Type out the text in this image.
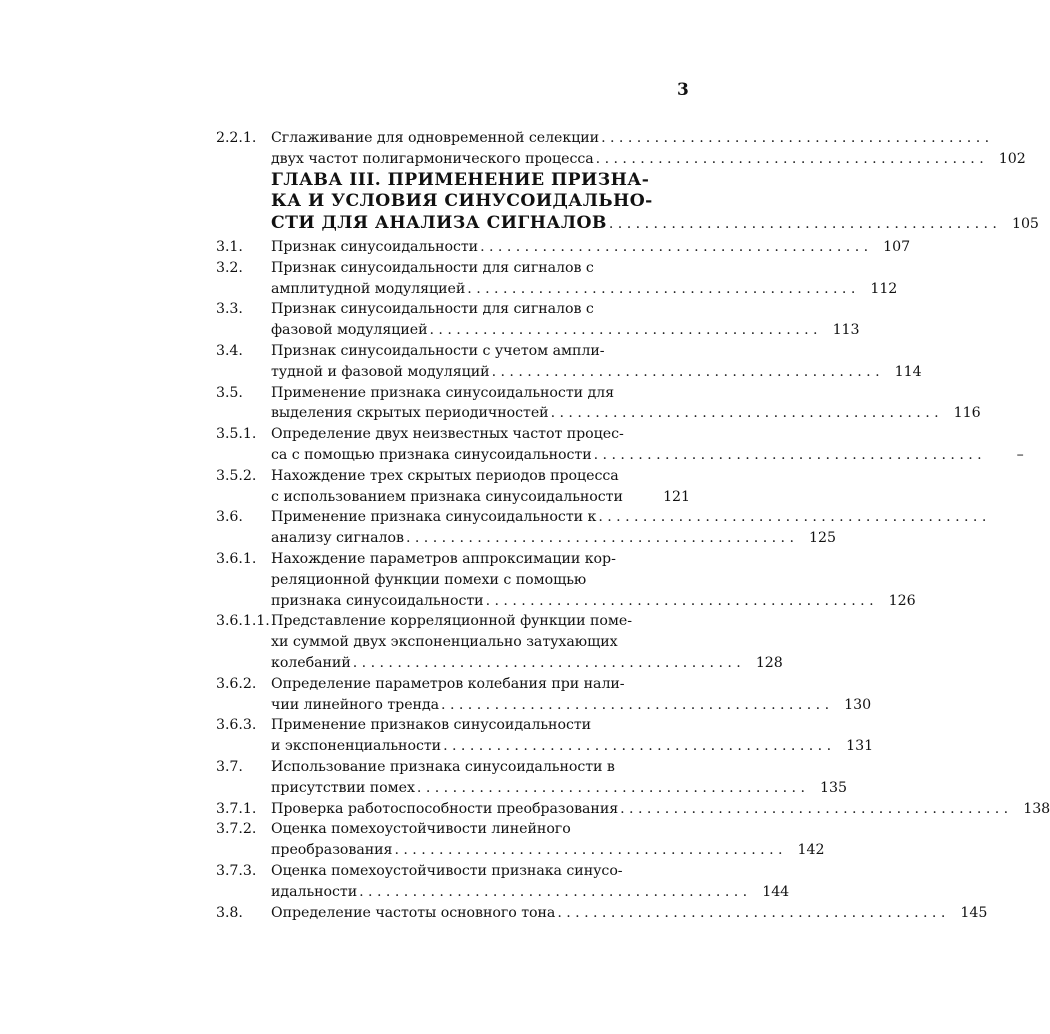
3
2.2.1.	Сглаживание для одновременной селекции . . . . . . . . . . . . . . . . . . . . . . . . . . . . . . . . . . . . . . . . . . . .
двух частот полигармонического процесса . . . . . . . . . . . . . . . . . . . . . . . . . . . . . . . . . . . . . . . . . . . .	102
ГЛАВА III. ПРИМЕНЕНИЕ ПРИЗНА-
КА И УСЛОВИЯ СИНУСОИДАЛЬНО-
СТИ ДЛЯ АНАЛИЗА СИГНАЛОВ . . . . . . . . . . . . . . . . . . . . . . . . . . . . . . . . . . . . . . . . . . . .	105
3.1.	Признак синусоидальности . . . . . . . . . . . . . . . . . . . . . . . . . . . . . . . . . . . . . . . . . . . .	107
3.2.	Признак синусоидальности для сигналов с
амплитудной модуляцией . . . . . . . . . . . . . . . . . . . . . . . . . . . . . . . . . . . . . . . . . . . .	112
3.3.	Признак синусоидальности для сигналов с
фазовой модуляцией . . . . . . . . . . . . . . . . . . . . . . . . . . . . . . . . . . . . . . . . . . . .	113
3.4.	Признак синусоидальности с учетом ампли-
тудной и фазовой модуляций . . . . . . . . . . . . . . . . . . . . . . . . . . . . . . . . . . . . . . . . . . . .	114
3.5.	Применение признака синусоидальности для
выделения скрытых периодичностей . . . . . . . . . . . . . . . . . . . . . . . . . . . . . . . . . . . . . . . . . . . .	116
3.5.1.	Определение двух неизвестных частот процес-
са с помощью признака синусоидальности . . . . . . . . . . . . . . . . . . . . . . . . . . . . . . . . . . . . . . . . . . . .	–
3.5.2.	Нахождение трех скрытых периодов процесса
с использованием признака синусоидальности	121
3.6.	Применение признака синусоидальности к . . . . . . . . . . . . . . . . . . . . . . . . . . . . . . . . . . . . . . . . . . . .
анализу сигналов . . . . . . . . . . . . . . . . . . . . . . . . . . . . . . . . . . . . . . . . . . . .	125
3.6.1.	Нахождение параметров аппроксимации кор-
реляционной функции помехи с помощью
признака синусоидальности . . . . . . . . . . . . . . . . . . . . . . . . . . . . . . . . . . . . . . . . . . . .	126
3.6.1.1. Представление корреляционной функции поме-
хи суммой двух экспоненциально затухающих
колебаний . . . . . . . . . . . . . . . . . . . . . . . . . . . . . . . . . . . . . . . . . . . .	128
3.6.2.	Определение параметров колебания при нали-
чии линейного тренда . . . . . . . . . . . . . . . . . . . . . . . . . . . . . . . . . . . . . . . . . . . .	130
3.6.3.	Применение признаков синусоидальности
и экспоненциальности . . . . . . . . . . . . . . . . . . . . . . . . . . . . . . . . . . . . . . . . . . . .	131
3.7.	Использование признака синусоидальности в
присутствии помех . . . . . . . . . . . . . . . . . . . . . . . . . . . . . . . . . . . . . . . . . . . .	135
3.7.1.	Проверка работоспособности преобразования . . . . . . . . . . . . . . . . . . . . . . . . . . . . . . . . . . . . . . . . . . . .	138
3.7.2.	Оценка помехоустойчивости линейного
преобразования . . . . . . . . . . . . . . . . . . . . . . . . . . . . . . . . . . . . . . . . . . . .	142
3.7.3.	Оценка помехоустойчивости признака синусо-
идальности . . . . . . . . . . . . . . . . . . . . . . . . . . . . . . . . . . . . . . . . . . . .	144
3.8.	Определение частоты основного тона . . . . . . . . . . . . . . . . . . . . . . . . . . . . . . . . . . . . . . . . . . . .	145
